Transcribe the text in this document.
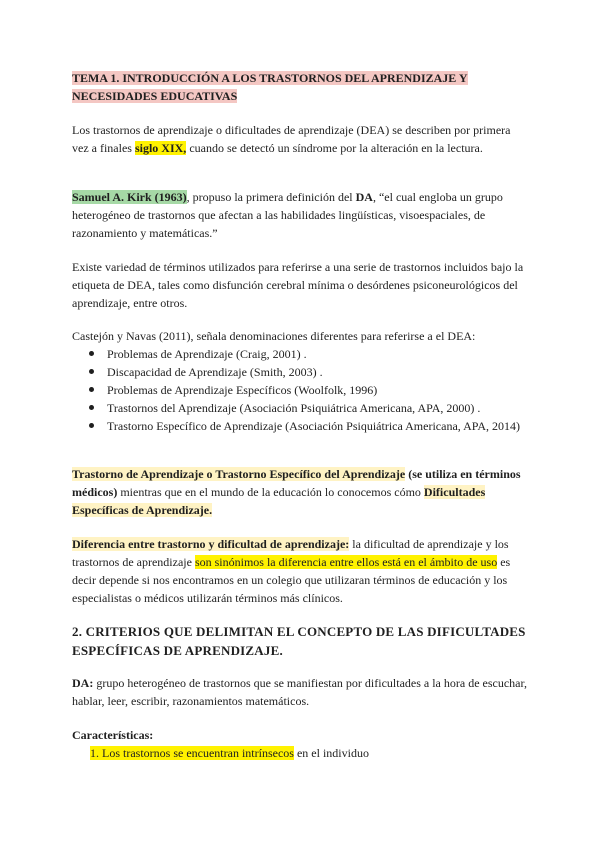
TEMA 1. INTRODUCCIÓN A LOS TRASTORNOS DEL APRENDIZAJE Y
NECESIDADES EDUCATIVAS
Los trastornos de aprendizaje o dificultades de aprendizaje (DEA) se describen por primera vez a finales siglo XIX, cuando se detectó un síndrome por la alteración en la lectura.
Samuel A. Kirk (1963), propuso la primera definición del DA, “el cual engloba un grupo heterogéneo de trastornos que afectan a las habilidades lingüísticas, visoespaciales, de razonamiento y matemáticas.”
Existe variedad de términos utilizados para referirse a una serie de trastornos incluidos bajo la etiqueta de DEA, tales como disfunción cerebral mínima o desórdenes psiconeurológicos del aprendizaje, entre otros.
Castejón y Navas (2011), señala denominaciones diferentes para referirse a el DEA:
Problemas de Aprendizaje (Craig, 2001) .
Discapacidad de Aprendizaje (Smith, 2003) .
Problemas de Aprendizaje Específicos (Woolfolk, 1996)
Trastornos del Aprendizaje (Asociación Psiquiátrica Americana, APA, 2000) .
Trastorno Específico de Aprendizaje (Asociación Psiquiátrica Americana, APA, 2014)
Trastorno de Aprendizaje o Trastorno Específico del Aprendizaje (se utiliza en términos médicos) mientras que en el mundo de la educación lo conocemos cómo Dificultades Específicas de Aprendizaje.
Diferencia entre trastorno y dificultad de aprendizaje: la dificultad de aprendizaje y los trastornos de aprendizaje son sinónimos la diferencia entre ellos está en el ámbito de uso es decir depende si nos encontramos en un colegio que utilizaran términos de educación y los especialistas o médicos utilizarán términos más clínicos.
2. CRITERIOS QUE DELIMITAN EL CONCEPTO DE LAS DIFICULTADES
ESPECÍFICAS DE APRENDIZAJE.
DA: grupo heterogéneo de trastornos que se manifiestan por dificultades a la hora de escuchar, hablar, leer, escribir, razonamientos matemáticos.
Características:
1. Los trastornos se encuentran intrínsecos en el individuo
